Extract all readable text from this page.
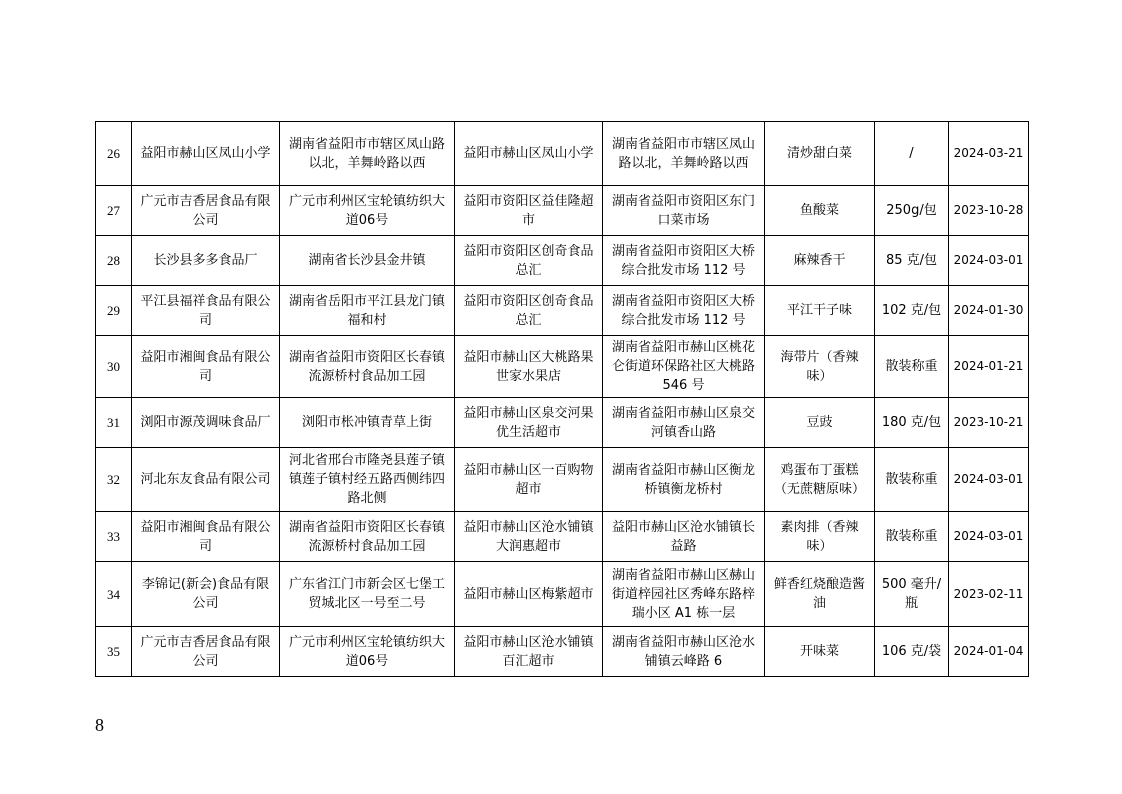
26	益阳市赫山区凤山小学	湖南省益阳市市辖区凤山路以北，羊舞岭路以西	益阳市赫山区凤山小学	湖南省益阳市市辖区凤山路以北，羊舞岭路以西	清炒甜白菜	/	2024-03-21
27	广元市吉香居食品有限公司	广元市利州区宝轮镇纺织大道06号	益阳市资阳区益佳隆超市	湖南省益阳市资阳区东门口菜市场	鱼酸菜	250g/包	2023-10-28
28	长沙县多多食品厂	湖南省长沙县金井镇	益阳市资阳区创奇食品总汇	湖南省益阳市资阳区大桥综合批发市场 112 号	麻辣香干	85 克/包	2024-03-01
29	平江县福祥食品有限公司	湖南省岳阳市平江县龙门镇福和村	益阳市资阳区创奇食品总汇	湖南省益阳市资阳区大桥综合批发市场 112 号	平江干子味	102 克/包	2024-01-30
30	益阳市湘闽食品有限公司	湖南省益阳市资阳区长春镇流源桥村食品加工园	益阳市赫山区大桃路果世家水果店	湖南省益阳市赫山区桃花仑街道环保路社区大桃路 546 号	海带片（香辣味）	散装称重	2024-01-21
31	浏阳市源茂调味食品厂	浏阳市枨冲镇青草上街	益阳市赫山区泉交河果优生活超市	湖南省益阳市赫山区泉交河镇香山路	豆豉	180 克/包	2023-10-21
32	河北东友食品有限公司	河北省邢台市隆尧县莲子镇镇莲子镇村经五路西侧纬四路北侧	益阳市赫山区一百购物超市	湖南省益阳市赫山区衡龙桥镇衡龙桥村	鸡蛋布丁蛋糕（无蔗糖原味）	散装称重	2024-03-01
33	益阳市湘闽食品有限公司	湖南省益阳市资阳区长春镇流源桥村食品加工园	益阳市赫山区沧水铺镇大润惠超市	益阳市赫山区沧水铺镇长益路	素肉排（香辣味）	散装称重	2024-03-01
34	李锦记(新会)食品有限公司	广东省江门市新会区七堡工贸城北区一号至二号	益阳市赫山区梅紫超市	湖南省益阳市赫山区赫山街道梓园社区秀峰东路梓瑞小区 A1 栋一层	鲜香红烧酿造酱油	500 毫升/瓶	2023-02-11
35	广元市吉香居食品有限公司	广元市利州区宝轮镇纺织大道06号	益阳市赫山区沧水铺镇百汇超市	湖南省益阳市赫山区沧水铺镇云峰路 6	开味菜	106 克/袋	2024-01-04
8
